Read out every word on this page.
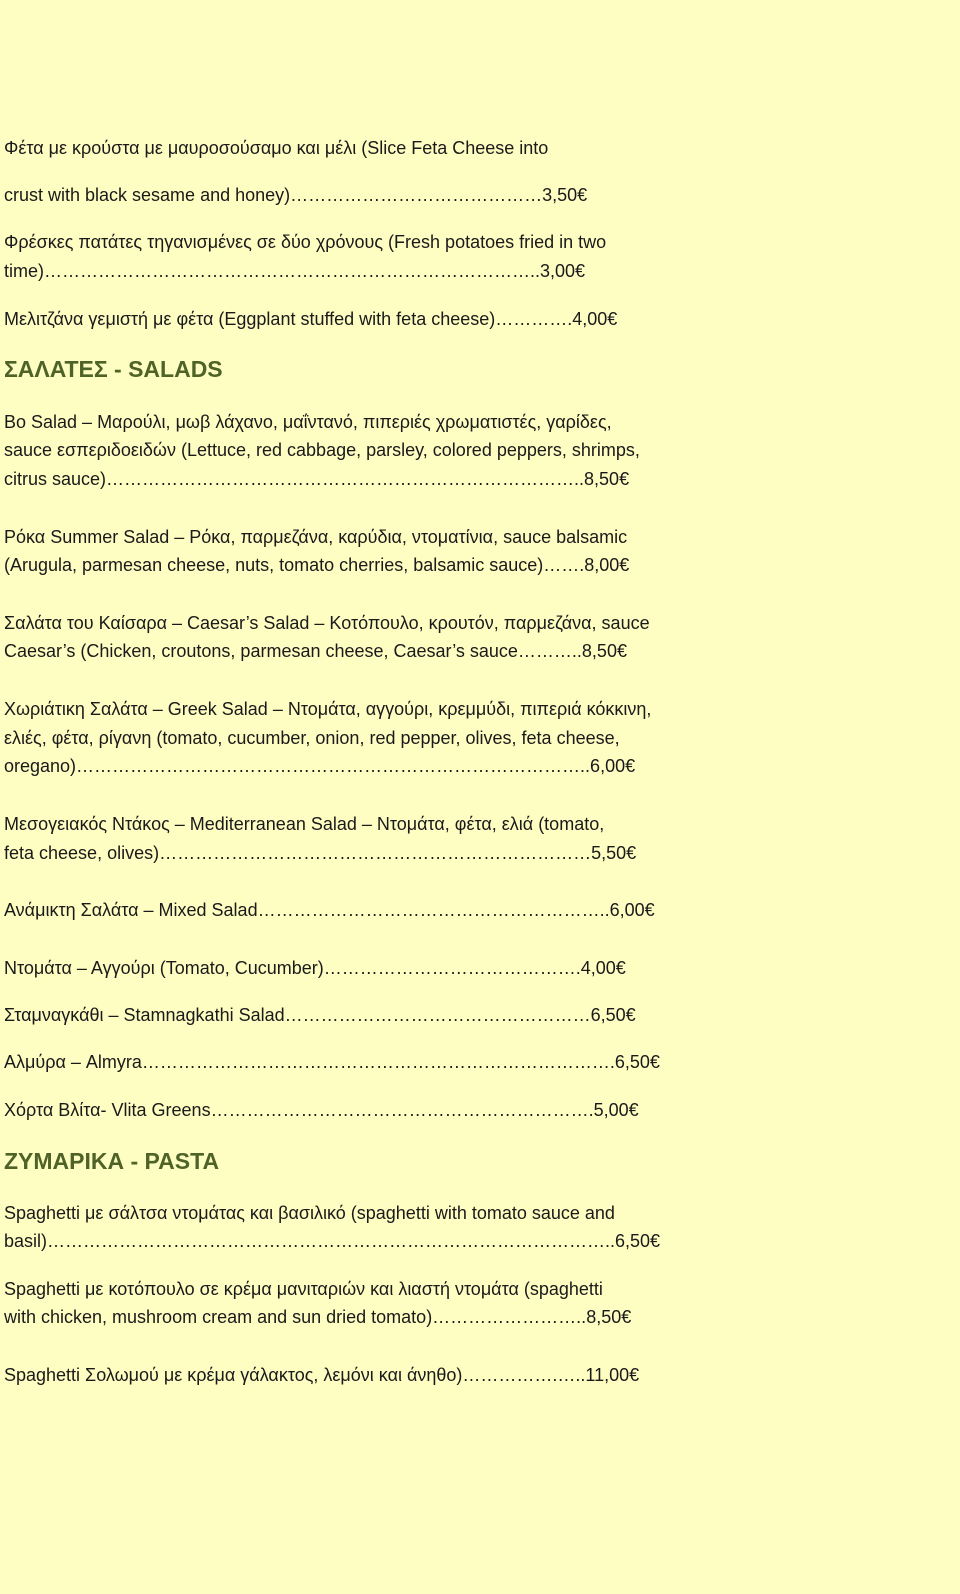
Φέτα με κρούστα με μαυροσούσαμο και μέλι (Slice Feta Cheese into
crust with black sesame and honey)……………………………………3,50€
Φρέσκες πατάτες τηγανισμένες σε δύο χρόνους (Fresh potatoes fried in two
time)………………………………………………………………………..3,00€
Μελιτζάνα γεμιστή με φέτα (Eggplant stuffed with feta cheese)………….4,00€
ΣΑΛΑΤΕΣ - SALADS
Bo Salad – Μαρούλι, μωβ λάχανο, μαΐντανό, πιπεριές χρωματιστές, γαρίδες,
sauce εσπεριδοειδών (Lettuce, red cabbage, parsley, colored peppers, shrimps,
citrus sauce)……………………………………………………………………..8,50€
Ρόκα Summer Salad – Ρόκα, παρμεζάνα, καρύδια, ντοματίνια, sauce balsamic
(Arugula, parmesan cheese, nuts, tomato cherries, balsamic sauce)…….8,00€
Σαλάτα του Καίσαρα – Caesar’s Salad – Κοτόπουλο, κρουτόν, παρμεζάνα, sauce
Caesar’s (Chicken, croutons, parmesan cheese, Caesar’s sauce………..8,50€
Χωριάτικη Σαλάτα – Greek Salad – Ντομάτα, αγγούρι, κρεμμύδι, πιπεριά κόκκινη,
ελιές, φέτα, ρίγανη (tomato, cucumber, onion, red pepper, olives, feta cheese,
oregano)…………………………………………………………………………..6,00€
Μεσογειακός Ντάκος – Mediterranean Salad – Ντομάτα, φέτα, ελιά (tomato,
feta cheese, olives)………………………………………………………………5,50€
Ανάμικτη Σαλάτα – Mixed Salad…………………………………………………..6,00€
Ντομάτα – Αγγούρι (Tomato, Cucumber)…………………………………….4,00€
Σταμναγκάθι – Stamnagkathi Salad……………………………………………6,50€
Αλμύρα – Almyra…………………………………………………………………….6,50€
Χόρτα Βλίτα- Vlita Greens……………………………………………………….5,00€
ΖΥΜΑΡΙΚΑ - PASTA
Spaghetti με σάλτσα ντομάτας και βασιλικό (spaghetti with tomato sauce and
basil)…………………………………………………………………………………..6,50€
Spaghetti με κοτόπουλο σε κρέμα μανιταριών και λιαστή ντομάτα (spaghetti
with chicken, mushroom cream and sun dried tomato)……………………..8,50€
Spaghetti Σολωμού με κρέμα γάλακτος, λεμόνι και άνηθο)…………….…..11,00€
